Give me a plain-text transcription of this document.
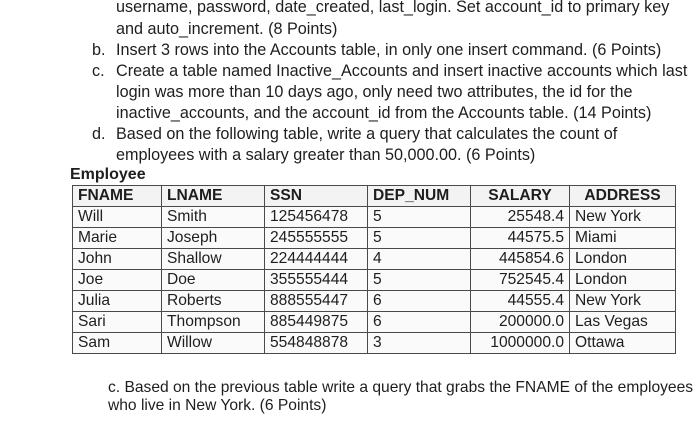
username, password, date_created, last_login. Set account_id to primary key
and auto_increment. (8 Points)
b. Insert 3 rows into the Accounts table, in only one insert command. (6 Points)
c. Create a table named Inactive_Accounts and insert inactive accounts which last
login was more than 10 days ago, only need two attributes, the id for the
inactive_accounts, and the account_id from the Accounts table. (14 Points)
d. Based on the following table, write a query that calculates the count of
employees with a salary greater than 50,000.00. (6 Points)
Employee
FNAME	LNAME	SSN	DEP_NUM	SALARY	ADDRESS
Will	Smith	125456478	5	25548.4	New York
Marie	Joseph	245555555	5	44575.5	Miami
John	Shallow	224444444	4	445854.6	London
Joe	Doe	355555444	5	752545.4	London
Julia	Roberts	888555447	6	44555.4	New York
Sari	Thompson	885449875	6	200000.0	Las Vegas
Sam	Willow	554848878	3	1000000.0	Ottawa
c. Based on the previous table write a query that grabs the FNAME of the employees
who live in New York. (6 Points)
